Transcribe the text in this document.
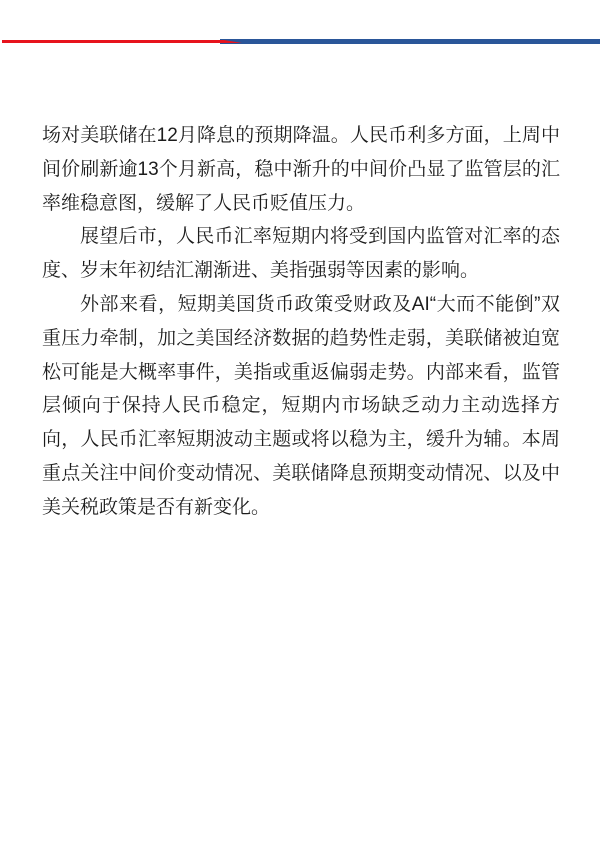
场对美联储在12月降息的预期降温。人民币利多方面，上周中间价刷新逾13个月新高，稳中渐升的中间价凸显了监管层的汇率维稳意图，缓解了人民币贬值压力。

展望后市，人民币汇率短期内将受到国内监管对汇率的态度、岁末年初结汇潮渐进、美指强弱等因素的影响。

外部来看，短期美国货币政策受财政及AI“大而不能倒”双重压力牵制，加之美国经济数据的趋势性走弱，美联储被迫宽松可能是大概率事件，美指或重返偏弱走势。内部来看，监管层倾向于保持人民币稳定，短期内市场缺乏动力主动选择方向，人民币汇率短期波动主题或将以稳为主，缓升为辅。本周重点关注中间价变动情况、美联储降息预期变动情况、以及中美关税政策是否有新变化。
